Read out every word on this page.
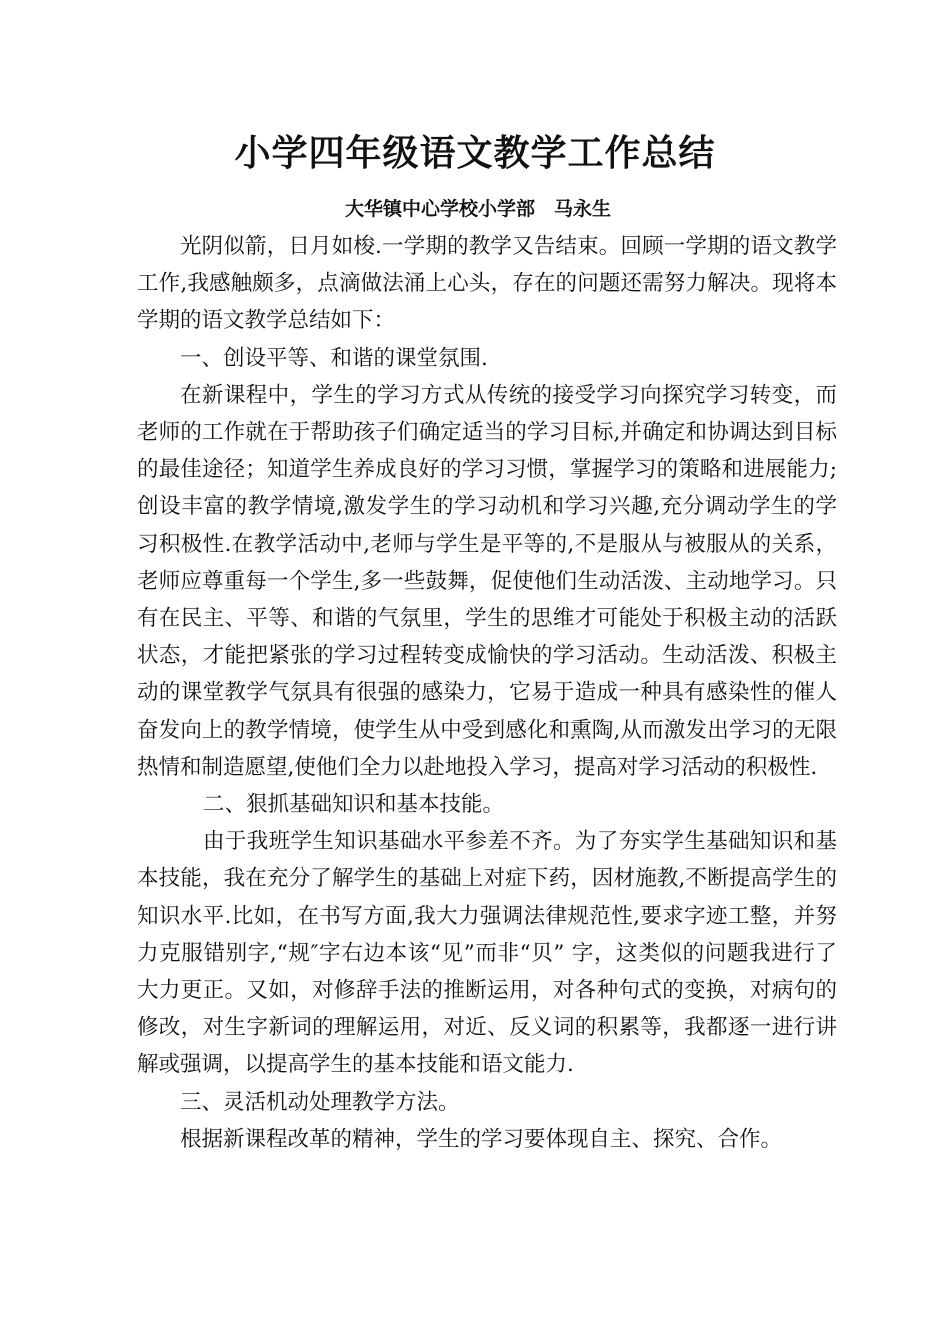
小学四年级语文教学工作总结
大华镇中心学校小学部　马永生

光阴似箭，日月如梭.一学期的教学又告结束。回顾一学期的语文教学工作,我感触颇多，点滴做法涌上心头，存在的问题还需努力解决。现将本学期的语文教学总结如下：

一、创设平等、和谐的课堂氛围.

在新课程中，学生的学习方式从传统的接受学习向探究学习转变，而老师的工作就在于帮助孩子们确定适当的学习目标,并确定和协调达到目标的最佳途径；知道学生养成良好的学习习惯，掌握学习的策略和进展能力;创设丰富的教学情境,激发学生的学习动机和学习兴趣,充分调动学生的学习积极性.在教学活动中,老师与学生是平等的,不是服从与被服从的关系，老师应尊重每一个学生,多一些鼓舞，促使他们生动活泼、主动地学习。只有在民主、平等、和谐的气氛里，学生的思维才可能处于积极主动的活跃状态，才能把紧张的学习过程转变成愉快的学习活动。生动活泼、积极主动的课堂教学气氛具有很强的感染力，它易于造成一种具有感染性的催人奋发向上的教学情境，使学生从中受到感化和熏陶,从而激发出学习的无限热情和制造愿望,使他们全力以赴地投入学习，提高对学习活动的积极性.

二、狠抓基础知识和基本技能。

由于我班学生知识基础水平参差不齐。为了夯实学生基础知识和基本技能，我在充分了解学生的基础上对症下药，因材施教,不断提高学生的知识水平.比如，在书写方面,我大力强调法律规范性,要求字迹工整，并努力克服错别字,“规″字右边本该“见”而非“贝” 字，这类似的问题我进行了大力更正。又如，对修辞手法的推断运用，对各种句式的变换，对病句的修改，对生字新词的理解运用，对近、反义词的积累等，我都逐一进行讲解或强调，以提高学生的基本技能和语文能力.

三、灵活机动处理教学方法。

根据新课程改革的精神，学生的学习要体现自主、探究、合作。
